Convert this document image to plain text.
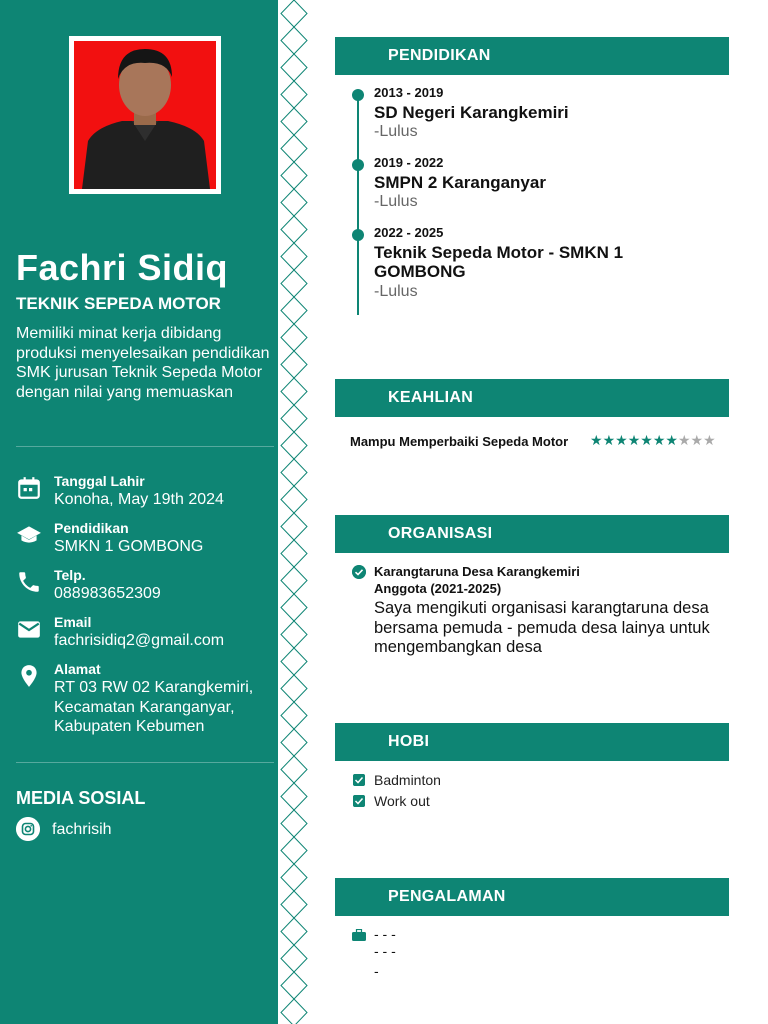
Fachri Sidiq
TEKNIK SEPEDA MOTOR

Memiliki minat kerja dibidang produksi menyelesaikan pendidikan SMK jurusan Teknik Sepeda Motor dengan nilai yang memuaskan

Tanggal Lahir
Konoha, May 19th 2024
Pendidikan
SMKN 1 GOMBONG
Telp.
088983652309
Email
fachrisidiq2@gmail.com
Alamat
RT 03 RW 02 Karangkemiri,
Kecamatan Karanganyar,
Kabupaten Kebumen
MEDIA SOSIAL
fachrisih
PENDIDIKAN
2013 - 2019
SD Negeri Karangkemiri
-Lulus
2019 - 2022
SMPN 2 Karanganyar
-Lulus
2022 - 2025
Teknik Sepeda Motor - SMKN 1 GOMBONG
-Lulus
KEAHLIAN
Mampu Memperbaiki Sepeda Motor ★★★★★★★★★★
ORGANISASI
Karangtaruna Desa Karangkemiri
Anggota (2021-2025)

Saya mengikuti organisasi karangtaruna desa bersama pemuda - pemuda desa lainya untuk mengembangkan desa

HOBI
Badminton
Work out
PENGALAMAN
- - -
- - -
-
